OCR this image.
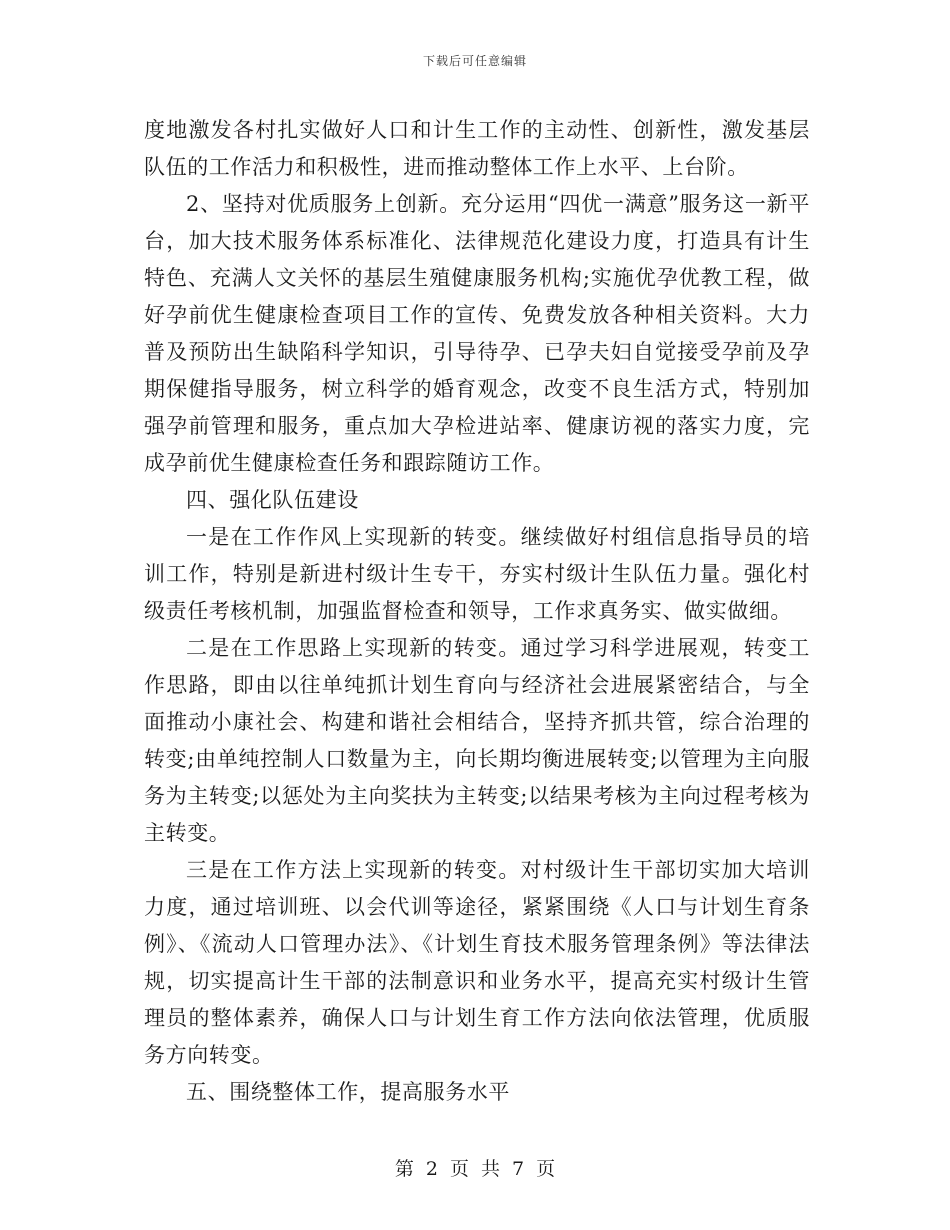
下载后可任意编辑

度地激发各村扎实做好人口和计生工作的主动性、创新性，激发基层队伍的工作活力和积极性，进而推动整体工作上水平、上台阶。

2、坚持对优质服务上创新。充分运用“四优一满意”服务这一新平台，加大技术服务体系标准化、法律规范化建设力度，打造具有计生特色、充满人文关怀的基层生殖健康服务机构;实施优孕优教工程，做好孕前优生健康检查项目工作的宣传、免费发放各种相关资料。大力普及预防出生缺陷科学知识，引导待孕、已孕夫妇自觉接受孕前及孕期保健指导服务，树立科学的婚育观念，改变不良生活方式，特别加强孕前管理和服务，重点加大孕检进站率、健康访视的落实力度，完成孕前优生健康检查任务和跟踪随访工作。

四、强化队伍建设

一是在工作作风上实现新的转变。继续做好村组信息指导员的培训工作，特别是新进村级计生专干，夯实村级计生队伍力量。强化村级责任考核机制，加强监督检查和领导，工作求真务实、做实做细。

二是在工作思路上实现新的转变。通过学习科学进展观，转变工作思路，即由以往单纯抓计划生育向与经济社会进展紧密结合，与全面推动小康社会、构建和谐社会相结合，坚持齐抓共管，综合治理的转变;由单纯控制人口数量为主，向长期均衡进展转变;以管理为主向服务为主转变;以惩处为主向奖扶为主转变;以结果考核为主向过程考核为主转变。

三是在工作方法上实现新的转变。对村级计生干部切实加大培训力度，通过培训班、以会代训等途径，紧紧围绕《人口与计划生育条例》、《流动人口管理办法》、《计划生育技术服务管理条例》等法律法规，切实提高计生干部的法制意识和业务水平，提高充实村级计生管理员的整体素养，确保人口与计划生育工作方法向依法管理，优质服务方向转变。

五、围绕整体工作，提高服务水平

第 2 页 共 7 页
